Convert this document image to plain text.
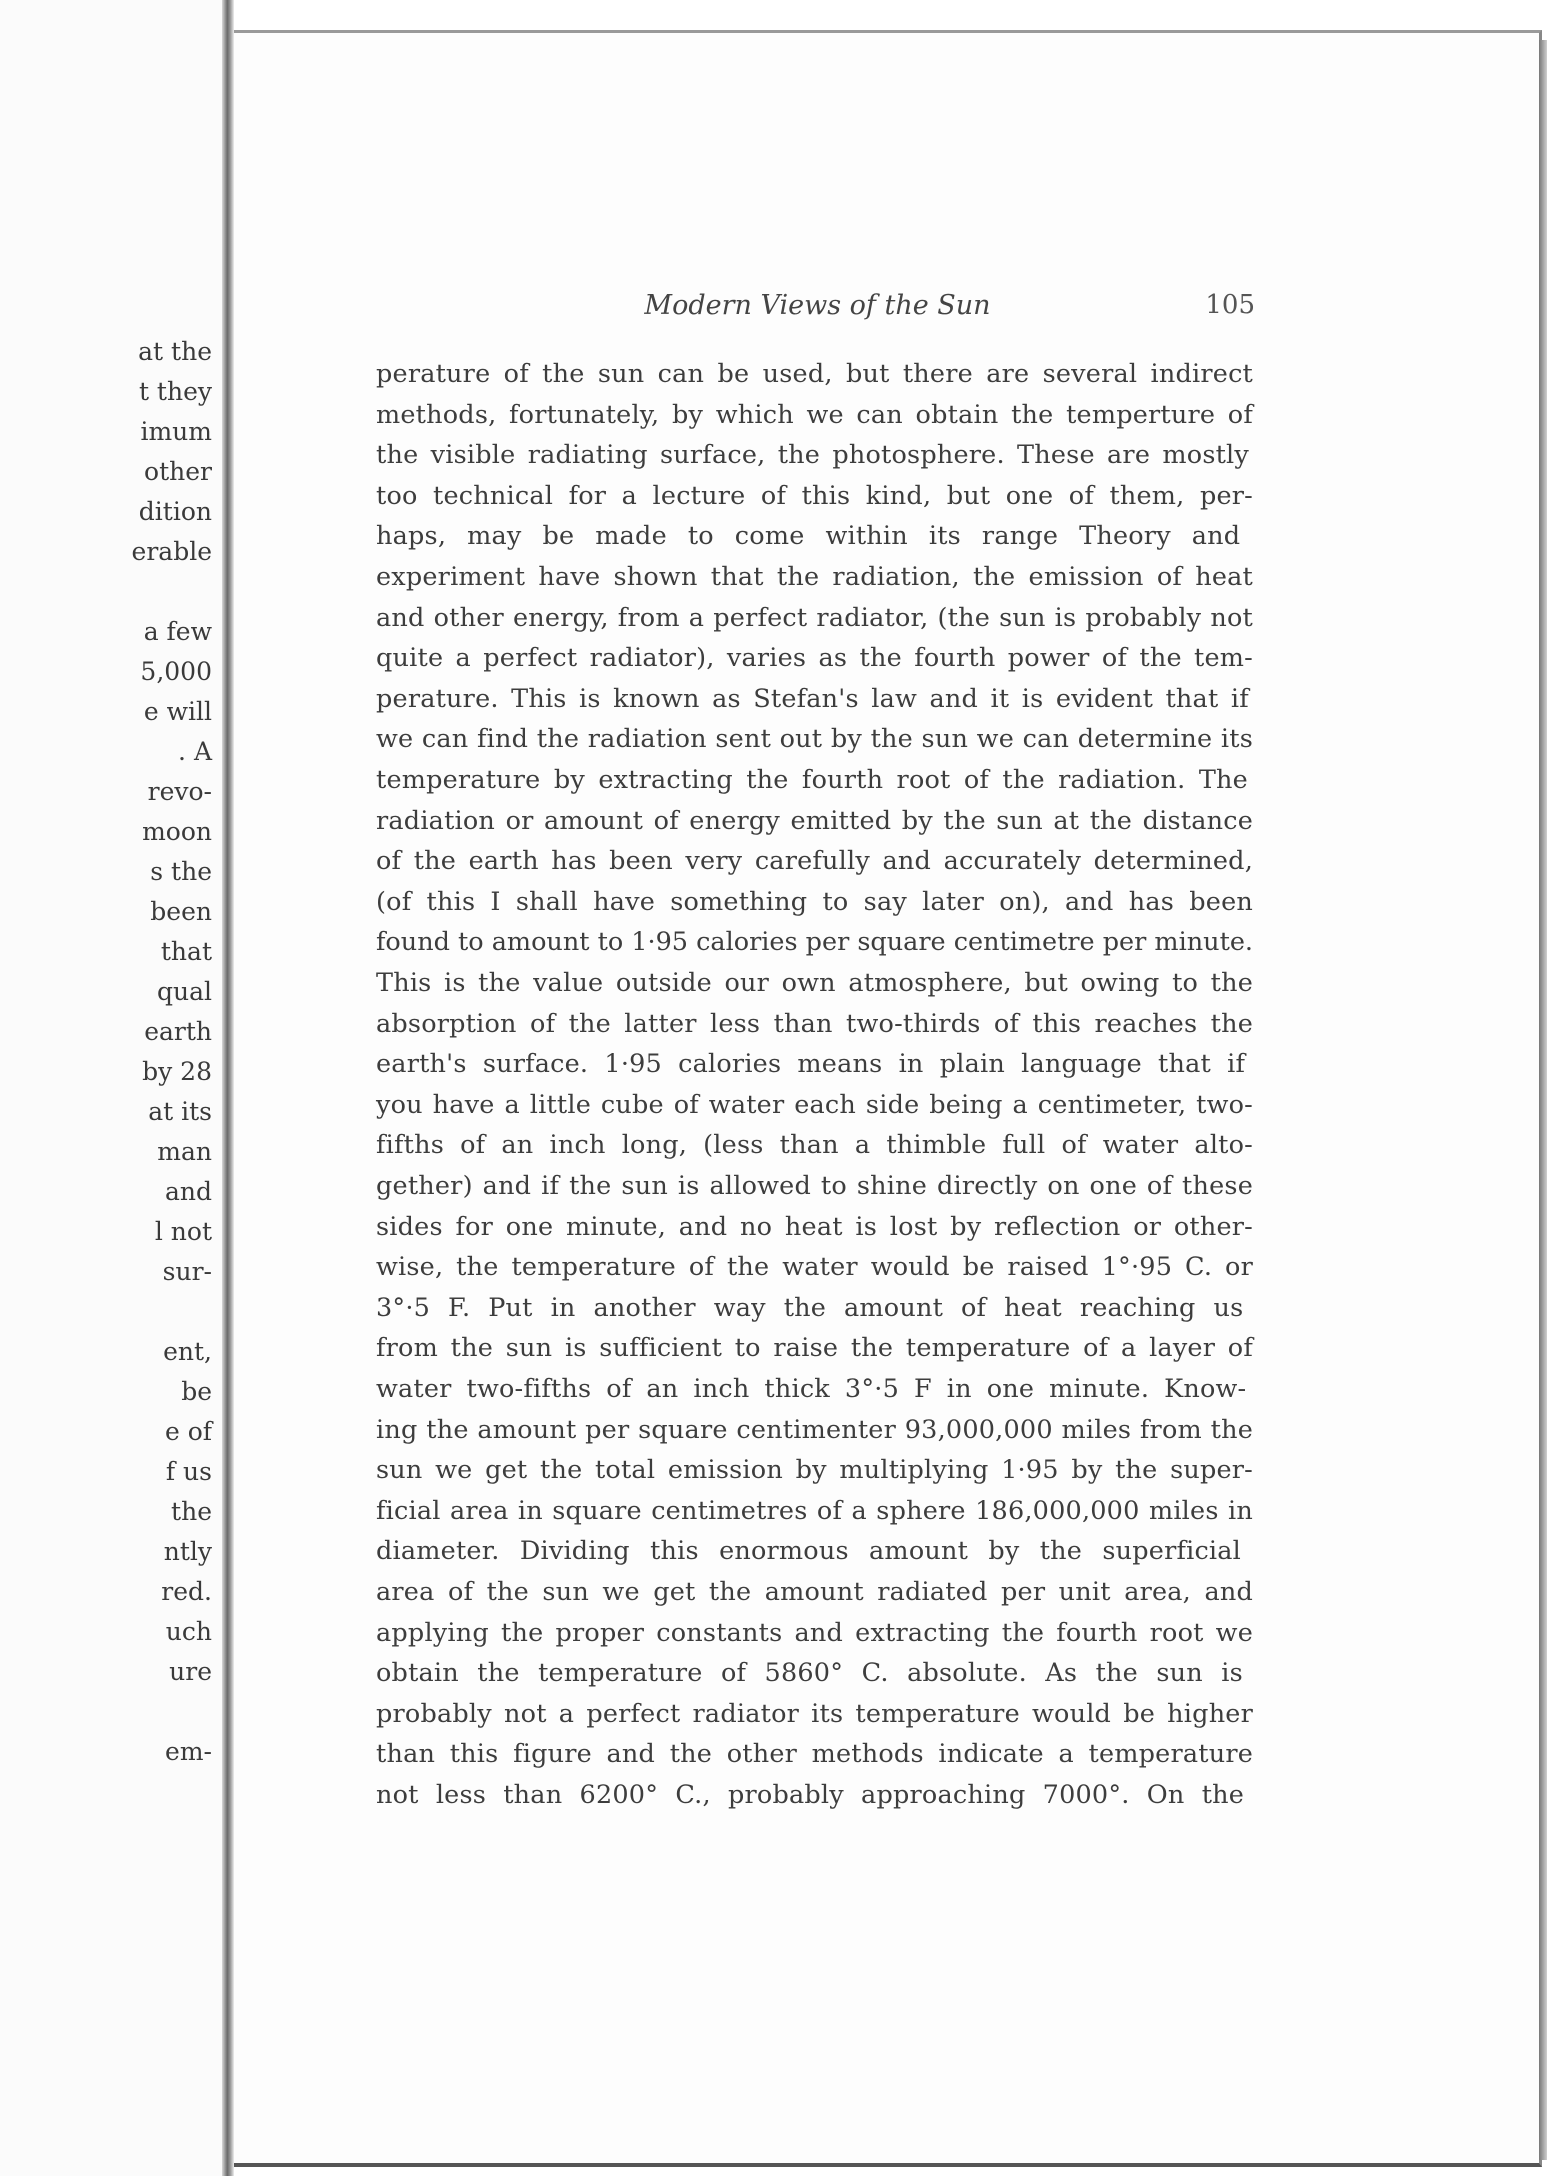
at the
t they
imum
other
dition
erable
a few
5,000
e will
. A
revo-
moon
s the
been
that
qual
earth
by 28
at its
man
and
l not
sur-
ent,
be
e of
f us
the
ntly
red.
uch
ure
em-
Modern Views of the Sun	105
perature of the sun can be used, but there are several indirect
methods, fortunately, by which we can obtain the temperture of
the visible radiating surface, the photosphere. These are mostly
too technical for a lecture of this kind, but one of them, per-
haps, may be made to come within its range Theory and
experiment have shown that the radiation, the emission of heat
and other energy, from a perfect radiator, (the sun is probably not
quite a perfect radiator), varies as the fourth power of the tem-
perature. This is known as Stefan's law and it is evident that if
we can find the radiation sent out by the sun we can determine its
temperature by extracting the fourth root of the radiation. The
radiation or amount of energy emitted by the sun at the distance
of the earth has been very carefully and accurately determined,
(of this I shall have something to say later on), and has been
found to amount to 1·95 calories per square centimetre per minute.
This is the value outside our own atmosphere, but owing to the
absorption of the latter less than two-thirds of this reaches the
earth's surface. 1·95 calories means in plain language that if
you have a little cube of water each side being a centimeter, two-
fifths of an inch long, (less than a thimble full of water alto-
gether) and if the sun is allowed to shine directly on one of these
sides for one minute, and no heat is lost by reflection or other-
wise, the temperature of the water would be raised 1°·95 C. or
3°·5 F. Put in another way the amount of heat reaching us
from the sun is sufficient to raise the temperature of a layer of
water two-fifths of an inch thick 3°·5 F in one minute. Know-
ing the amount per square centimenter 93,000,000 miles from the
sun we get the total emission by multiplying 1·95 by the super-
ficial area in square centimetres of a sphere 186,000,000 miles in
diameter. Dividing this enormous amount by the superficial
area of the sun we get the amount radiated per unit area, and
applying the proper constants and extracting the fourth root we
obtain the temperature of 5860° C. absolute. As the sun is
probably not a perfect radiator its temperature would be higher
than this figure and the other methods indicate a temperature
not less than 6200° C., probably approaching 7000°. On the
